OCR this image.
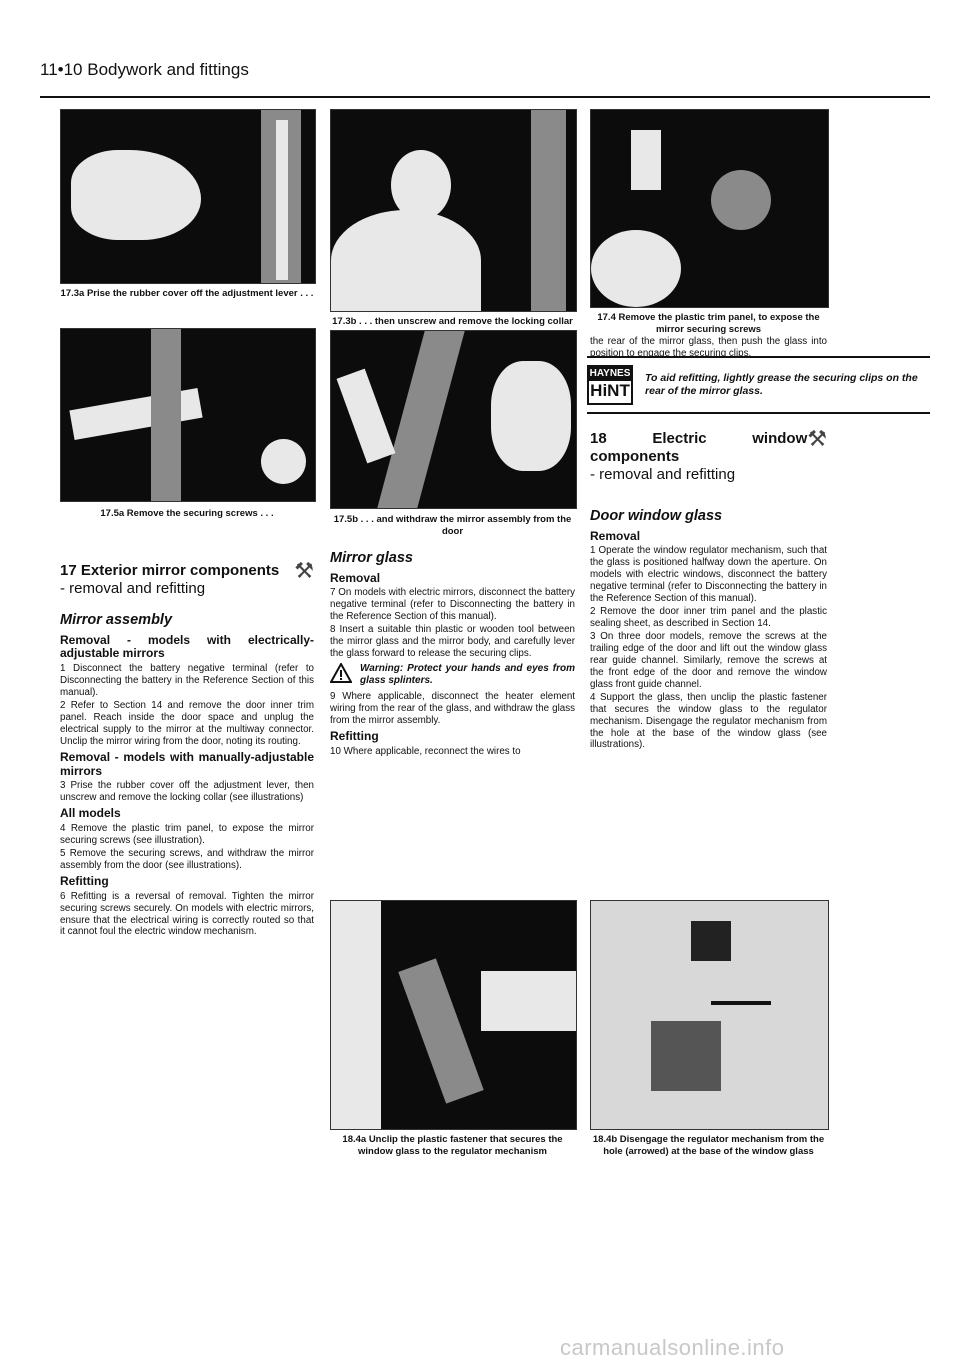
11•10 Bodywork and fittings
17.3a Prise the rubber cover off the adjustment lever . . .
17.3b . . . then unscrew and remove the locking collar	17.4 Remove the plastic trim panel, to expose the mirror securing screws
17.5a Remove the securing screws . . .
17.5b . . . and withdraw the mirror assembly from the door
17 Exterior mirror components
- removal and refitting
⚒
Mirror assembly
Removal - models with electrically-adjustable mirrors

1 Disconnect the battery negative terminal (refer to Disconnecting the battery in the Reference Section of this manual).

2 Refer to Section 14 and remove the door inner trim panel. Reach inside the door space and unplug the electrical supply to the mirror at the multiway connector. Unclip the mirror wiring from the door, noting its routing.

Removal - models with manually-adjustable mirrors

3 Prise the rubber cover off the adjustment lever, then unscrew and remove the locking collar (see illustrations)

All models

4 Remove the plastic trim panel, to expose the mirror securing screws (see illustration).

5 Remove the securing screws, and withdraw the mirror assembly from the door (see illustrations).

Refitting

6 Refitting is a reversal of removal. Tighten the mirror securing screws securely. On models with electric mirrors, ensure that the electrical wiring is correctly routed so that it cannot foul the electric window mechanism.

Mirror glass
Removal

7 On models with electric mirrors, disconnect the battery negative terminal (refer to Disconnecting the battery in the Reference Section of this manual).

8 Insert a suitable thin plastic or wooden tool between the mirror glass and the mirror body, and carefully lever the glass forward to release the securing clips.

Warning: Protect your hands and eyes from glass splinters.

9 Where applicable, disconnect the heater element wiring from the rear of the glass, and withdraw the glass from the mirror assembly.

Refitting

10 Where applicable, reconnect the wires to

the rear of the mirror glass, then push the glass into position to engage the securing clips.

HAYNES
HiNT
To aid refitting, lightly grease the securing clips on the rear of the mirror glass.
18 Electric window components
- removal and refitting
⚒
Door window glass
Removal

1 Operate the window regulator mechanism, such that the glass is positioned halfway down the aperture. On models with electric windows, disconnect the battery negative terminal (refer to Disconnecting the battery in the Reference Section of this manual).

2 Remove the door inner trim panel and the plastic sealing sheet, as described in Section 14.

3 On three door models, remove the screws at the trailing edge of the door and lift out the window glass rear guide channel. Similarly, remove the screws at the front edge of the door and remove the window glass front guide channel.

4 Support the glass, then unclip the plastic fastener that secures the window glass to the regulator mechanism. Disengage the regulator mechanism from the hole at the base of the window glass (see illustrations).

18.4a Unclip the plastic fastener that secures the window glass to the regulator mechanism
18.4b Disengage the regulator mechanism from the hole (arrowed) at the base of the window glass
carmanualsonline.info
